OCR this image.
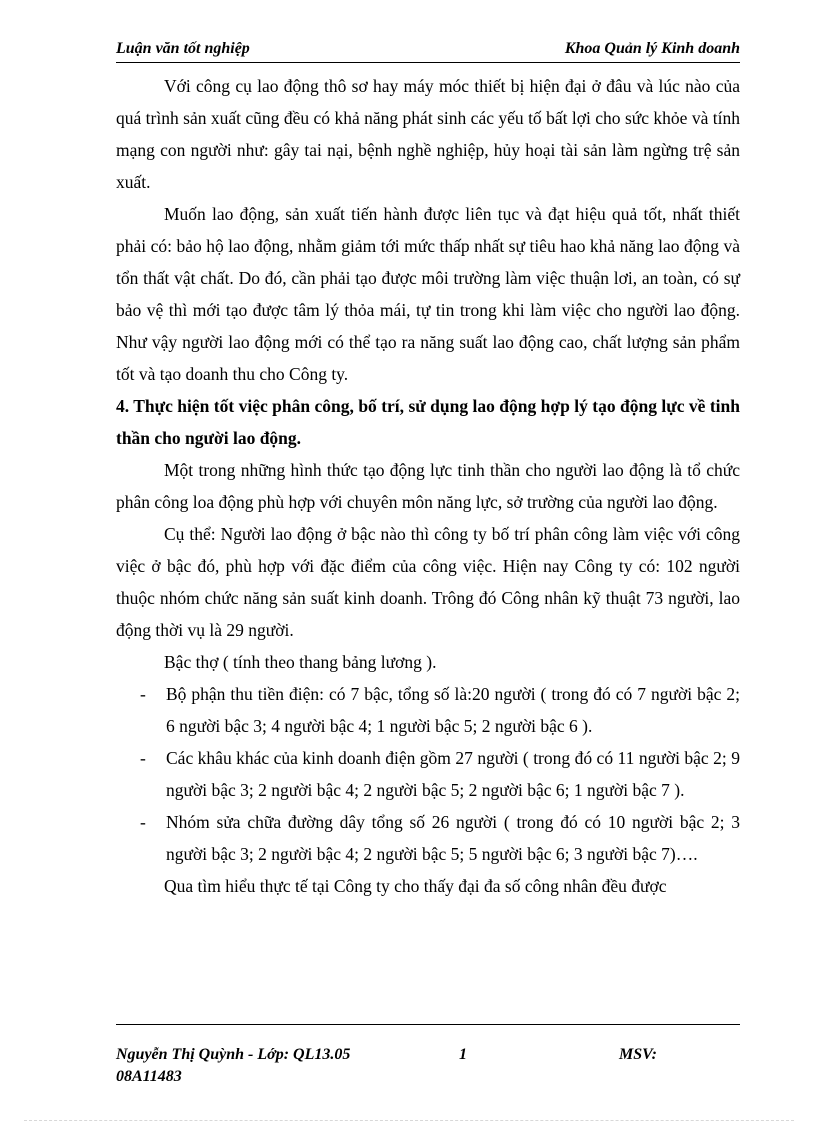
Luận văn tốt nghiệp	Khoa Quản lý Kinh doanh

Với công cụ lao động thô sơ hay máy móc thiết bị hiện đại ở đâu và lúc nào của quá trình sản xuất cũng đều có khả năng phát sinh các yếu tố bất lợi cho sức khỏe và tính mạng con người như: gây tai nại, bệnh nghề nghiệp, hủy hoại tài sản làm ngừng trệ sản xuất.

Muốn lao động, sản xuất tiến hành được liên tục và đạt hiệu quả tốt, nhất thiết phải có: bảo hộ lao động, nhằm giảm tới mức thấp nhất sự tiêu hao khả năng lao động và tổn thất vật chất. Do đó, cần phải tạo được môi trường làm việc thuận lơi, an toàn, có sự bảo vệ thì mới tạo được tâm lý thỏa mái, tự tin trong khi làm việc cho người lao động. Như vậy người lao động mới có thể tạo ra năng suất lao động cao, chất lượng sản phẩm tốt và tạo doanh thu cho Công ty.

4. Thực hiện tốt việc phân công, bố trí, sử dụng lao động hợp lý tạo động lực về tinh thần cho người lao động.

Một trong những hình thức tạo động lực tinh thần cho người lao động là tổ chức phân công loa động phù hợp với chuyên môn năng lực, sở trường của người lao động.

Cụ thể: Người lao động ở bậc nào thì công ty bố trí phân công làm việc với công việc ở bậc đó, phù hợp với đặc điểm của công việc. Hiện nay Công ty có: 102 người thuộc nhóm chức năng sản suất kinh doanh. Trông đó Công nhân kỹ thuật 73 người, lao động thời vụ là 29 người.

Bậc thợ ( tính theo thang bảng lương ).

- Bộ phận thu tiền điện: có 7 bậc, tổng số là:20 người ( trong đó có 7 người bậc 2; 6 người bậc 3; 4 người bậc 4; 1 người bậc 5; 2 người bậc 6 ).
- Các khâu khác của kinh doanh điện gồm 27 người ( trong đó có 11 người bậc 2; 9 người bậc 3; 2 người bậc 4; 2 người bậc 5; 2 người bậc 6; 1 người bậc 7 ).
- Nhóm sửa chữa đường dây tổng số 26 người ( trong đó có 10 người bậc 2; 3 người bậc 3; 2 người bậc 4; 2 người bậc 5; 5 người bậc 6; 3 người bậc 7)….

Qua tìm hiểu thực tế tại Công ty cho thấy đại đa số công nhân đều được

Nguyễn Thị Quỳnh - Lớp: QL13.05	1	MSV:
08A11483
